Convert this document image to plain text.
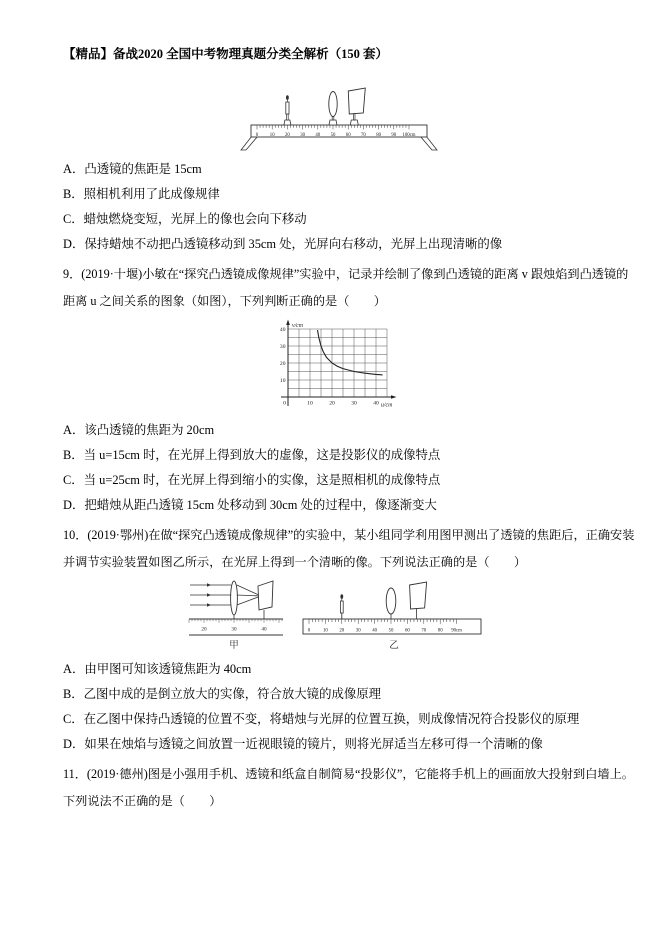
【精品】备战2020 全国中考物理真题分类全解析（150 套）
0 10 20 30 40 50 60 70 80 90 100cm
A．凸透镜的焦距是 15cm
B．照相机利用了此成像规律
C．蜡烛燃烧变短，光屏上的像也会向下移动
D．保持蜡烛不动把凸透镜移动到 35cm 处，光屏向右移动，光屏上出现清晰的像
9．(2019·十堰)小敏在“探究凸透镜成像规律”实验中，记录并绘制了像到凸透镜的距离 v 跟烛焰到凸透镜的
距离 u 之间关系的图象（如图），下列判断正确的是（　　）
v/cm
u/cm
40
30
20
10
10	20	30	40
0
A．该凸透镜的焦距为 20cm
B．当 u=15cm 时，在光屏上得到放大的虚像，这是投影仪的成像特点
C．当 u=25cm 时，在光屏上得到缩小的实像，这是照相机的成像特点
D．把蜡烛从距凸透镜 15cm 处移动到 30cm 处的过程中，像逐渐变大
10．(2019·鄂州)在做“探究凸透镜成像规律”的实验中，某小组同学利用图甲测出了透镜的焦距后，正确安装
并调节实验装置如图乙所示，在光屏上得到一个清晰的像。下列说法正确的是（　　）
20	30	40
甲
0	10 20 30 40 50 60 70 80 90cm
乙
A．由甲图可知该透镜焦距为 40cm
B．乙图中成的是倒立放大的实像，符合放大镜的成像原理
C．在乙图中保持凸透镜的位置不变，将蜡烛与光屏的位置互换，则成像情况符合投影仪的原理
D．如果在烛焰与透镜之间放置一近视眼镜的镜片，则将光屏适当左移可得一个清晰的像
11．(2019·德州)图是小强用手机、透镜和纸盒自制简易“投影仪”，它能将手机上的画面放大投射到白墙上。
下列说法不正确的是（　　）
